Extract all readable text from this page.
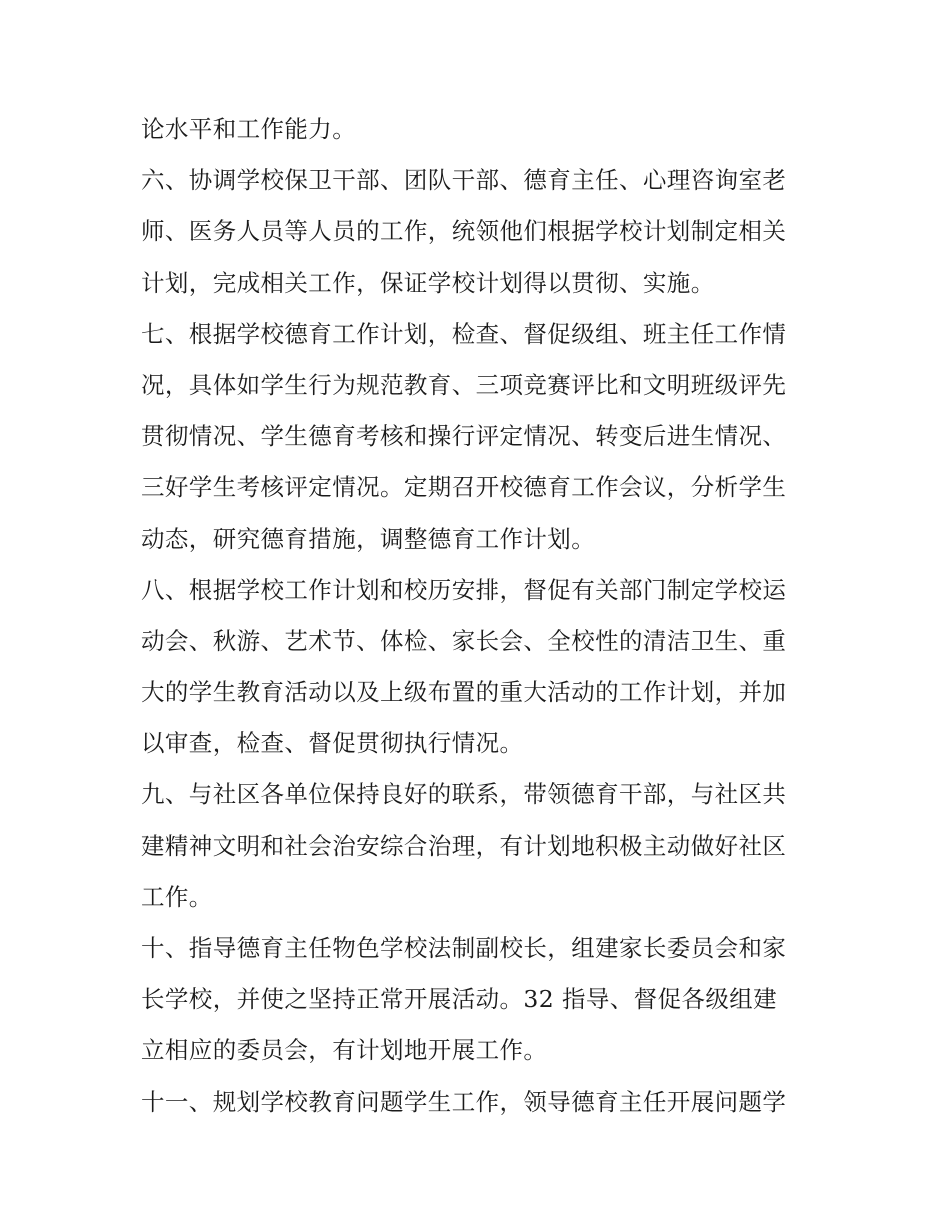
论水平和工作能力。
六、协调学校保卫干部、团队干部、德育主任、心理咨询室老
师、医务人员等人员的工作，统领他们根据学校计划制定相关
计划，完成相关工作，保证学校计划得以贯彻、实施。
七、根据学校德育工作计划，检查、督促级组、班主任工作情
况，具体如学生行为规范教育、三项竞赛评比和文明班级评先
贯彻情况、学生德育考核和操行评定情况、转变后进生情况、
三好学生考核评定情况。定期召开校德育工作会议，分析学生
动态，研究德育措施，调整德育工作计划。
八、根据学校工作计划和校历安排，督促有关部门制定学校运
动会、秋游、艺术节、体检、家长会、全校性的清洁卫生、重
大的学生教育活动以及上级布置的重大活动的工作计划，并加
以审查，检查、督促贯彻执行情况。
九、与社区各单位保持良好的联系，带领德育干部，与社区共
建精神文明和社会治安综合治理，有计划地积极主动做好社区
工作。
十、指导德育主任物色学校法制副校长，组建家长委员会和家
长学校，并使之坚持正常开展活动。32 指导、督促各级组建
立相应的委员会，有计划地开展工作。
十一、规划学校教育问题学生工作，领导德育主任开展问题学
